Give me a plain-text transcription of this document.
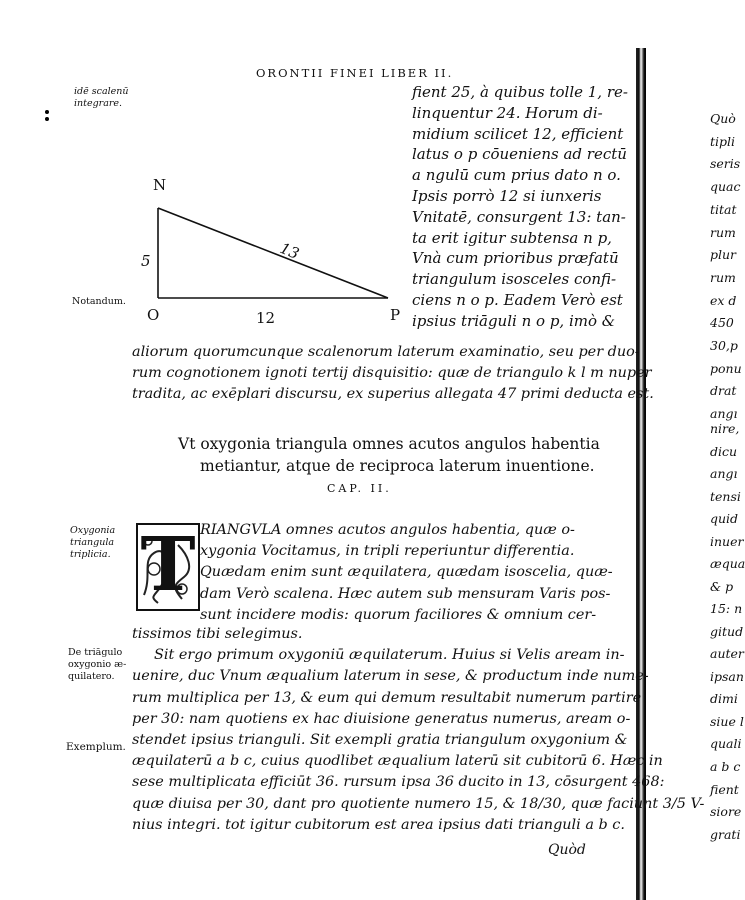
ORONTII FINEI LIBER II.
idē scalenū
integrare.
Notandum.
Oxygonia
triangula
triplicia.
De triāgulo
oxygonio æ-
quilatero.
Exemplum.
N
O	P
13
5
12
fient 25, à quibus tolle 1, re-
linquentur 24. Horum di-
midium scilicet 12, efficient
latus o p cōueniens ad rectū
a ngulū cum prius dato n o.
Ipsis porrò 12 si iunxeris
Vnitatē, consurgent 13: tan-
ta erit igitur subtensa n p,
Vnà cum prioribus præfatū
triangulum isosceles confi-
ciens n o p. Eadem Verò est
ipsius triāguli n o p, imò &
aliorum quorumcunque scalenorum laterum examinatio, seu per duo-
rum cognotionem ignoti tertij disquisitio: quæ de triangulo k l m nuper
tradita, ac exēplari discursu, ex superius allegata 47 primi deducta est.
Vt oxygonia triangula omnes acutos angulos habentia
metiantur, atque de reciproca laterum inuentione.
CAP. II.
T RIANGVLA omnes acutos angulos habentia, quæ o-
xygonia Vocitamus, in tripli reperiuntur differentia.
Quædam enim sunt æquilatera, quædam isosceliа, quæ-
dam Verò scalena. Hæc autem sub mensuram Varis pos-
sunt incidere modis: quorum faciliores & omnium cer-
tissimos tibi selegimus.
Sit ergo primum oxygoniū æquilaterum. Huius si Velis aream in-
uenire, duc Vnum æqualium laterum in sese, & productum inde nume-
rum multiplica per 13, & eum qui demum resultabit numerum partire
per 30: nam quotiens ex hac diuisione generatus numerus, aream o-
stendet ipsius trianguli. Sit exempli gratia triangulum oxygonium &
æquilaterū a b c, cuius quodlibet æqualium laterū sit cubitorū 6. Hæc in
sese multiplicata efficiūt 36. rursum ipsa 36 ducito in 13, cōsurgent 468:
quæ diuisa per 30, dant pro quotiente numero 15, & 18/30, quæ faciunt 3/5 V-
nius integri. tot igitur cubitorum est area ipsius dati trianguli a b c.
Quòd
Quò
tipli
seris
quac
titat
rum
plur
rum
ex d
450
30,p
ponu
drat
angı
nire,
dicu
angı
tensi
quid
inuer
æqua
& p
15: n
gitud
auter
ipsan
dimi
siue l
quali
a b c
fient
siore
grati
